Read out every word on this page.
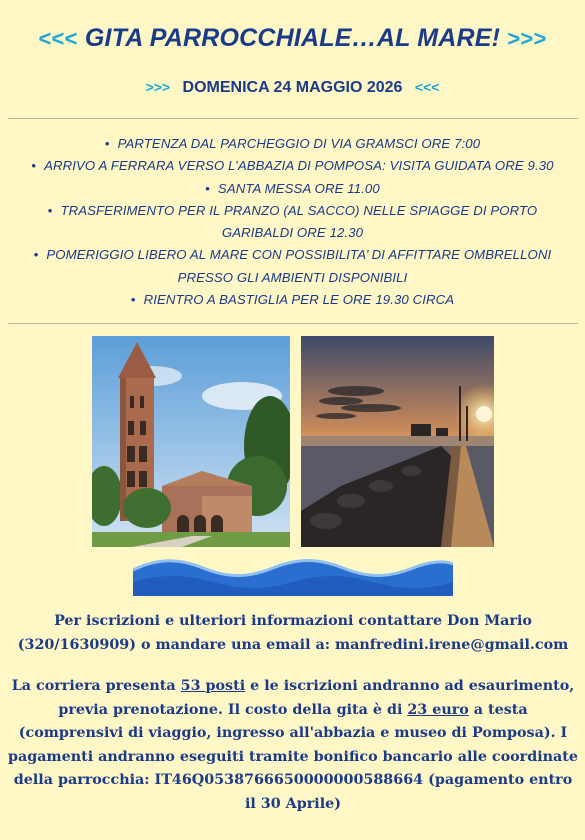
<<< GITA PARROCCHIALE…AL MARE! >>>
>>> DOMENICA 24 MAGGIO 2026 <<<
• PARTENZA DAL PARCHEGGIO DI VIA GRAMSCI ORE 7:00
• ARRIVO A FERRARA VERSO L’ABBAZIA DI POMPOSA: VISITA GUIDATA ORE 9.30
• SANTA MESSA ORE 11.00
• TRASFERIMENTO PER IL PRANZO (AL SACCO) NELLE SPIAGGE DI PORTO
GARIBALDI ORE 12.30
• POMERIGGIO LIBERO AL MARE CON POSSIBILITA’ DI AFFITTARE OMBRELLONI
PRESSO GLI AMBIENTI DISPONIBILI
• RIENTRO A BASTIGLIA PER LE ORE 19.30 CIRCA
Per iscrizioni e ulteriori informazioni contattare Don Mario
(320/1630909) o mandare una email a: manfredini.irene@gmail.com
La corriera presenta 53 posti e le iscrizioni andranno ad esaurimento, previa prenotazione. Il costo della gita è di 23 euro a testa (comprensivi di viaggio, ingresso all'abbazia e museo di Pomposa). I pagamenti andranno eseguiti tramite bonifico bancario alle coordinate della parrocchia: IT46Q0538766650000000588664 (pagamento entro il 30 Aprile)
